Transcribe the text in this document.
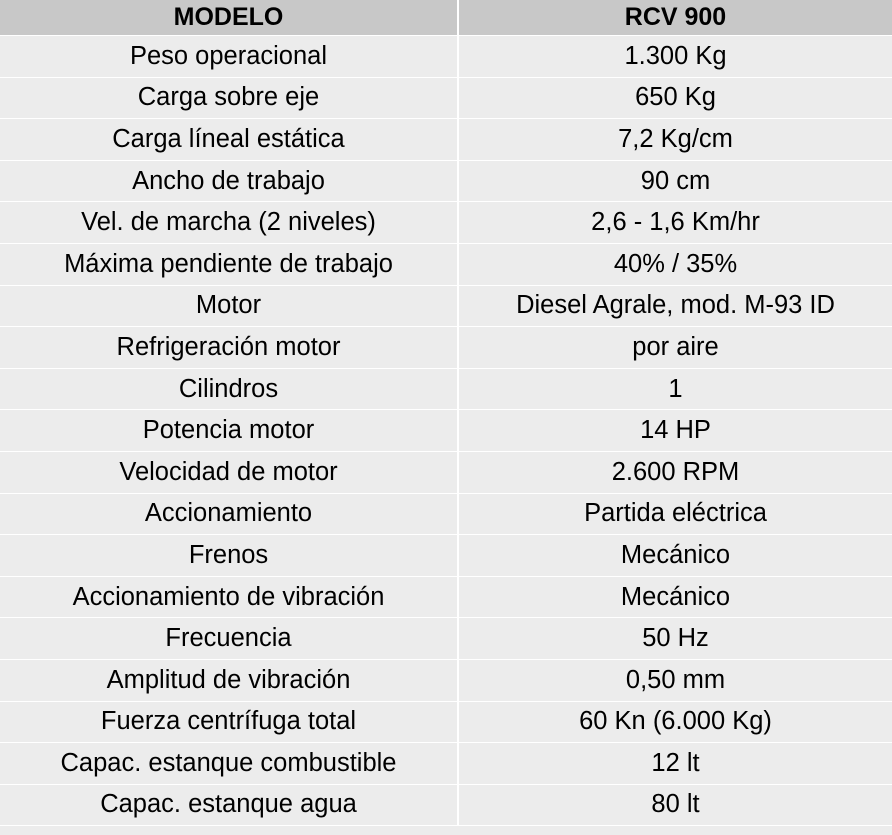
MODELO	RCV 900
Peso operacional	1.300 Kg
Carga sobre eje	650 Kg
Carga líneal estática	7,2 Kg/cm
Ancho de trabajo	90 cm
Vel. de marcha (2 niveles)	2,6 - 1,6 Km/hr
Máxima pendiente de trabajo	40% / 35%
Motor	Diesel Agrale, mod. M-93 ID
Refrigeración motor	por aire
Cilindros	1
Potencia motor	14 HP
Velocidad de motor	2.600 RPM
Accionamiento	Partida eléctrica
Frenos	Mecánico
Accionamiento de vibración	Mecánico
Frecuencia	50 Hz
Amplitud de vibración	0,50 mm
Fuerza centrífuga total	60 Kn (6.000 Kg)
Capac. estanque combustible	12 lt
Capac. estanque agua	80 lt
